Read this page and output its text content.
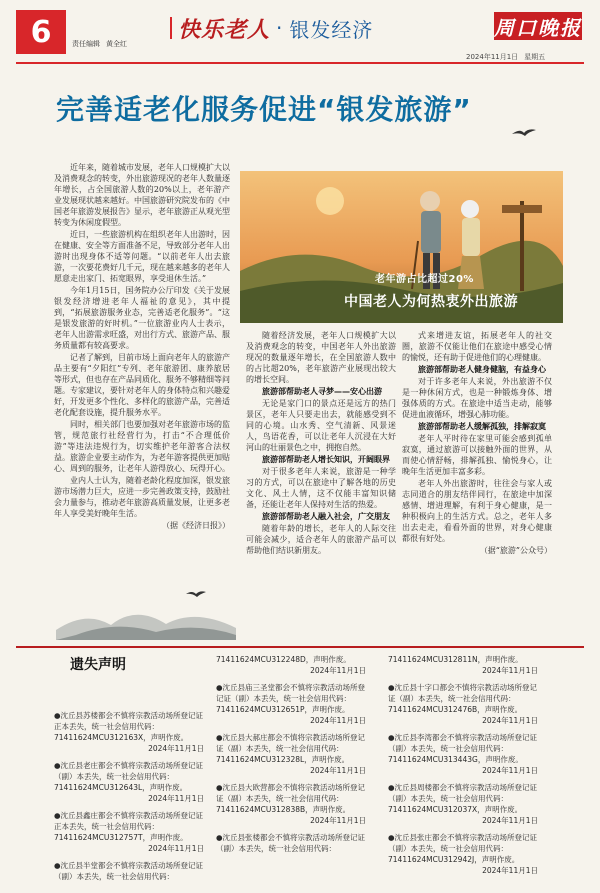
6	责任编辑 黄全红
快乐老人 · 银发经济	周口晚报
2024年11月1日 星期五
完善适老化服务促进“银发旅游”

近年来，随着城市发展，老年人口规模扩大以及消费观念的转变，外出旅游现况的老年人数量逐年增长，占全国旅游人数的20%以上，老年游产业发展现状越来越好。中国旅游研究院发布的《中国老年旅游发展报告》显示，老年旅游正从观光型转变为休闲度假型。

近日，一些旅游机构在组织老年人出游时，因在健康、安全等方面准备不足，导致部分老年人出游时出现身体不适等问题。“以前老年人出去旅游，一次要花费好几千元，现在越来越多的老年人愿意走出家门、拓宽眼界，享受退休生活。”

今年1月15日，国务院办公厅印发《关于发展银发经济增进老年人福祉的意见》，其中提到，“拓展旅游服务业态，完善适老化服务”。“这是银发旅游的好时机。”一位旅游业内人士表示，老年人出游需求旺盛，对出行方式、旅游产品、服务质量都有较高要求。

记者了解到，目前市场上面向老年人的旅游产品主要有“夕阳红”专列、老年旅游团、康养旅居等形式，但也存在产品同质化、服务不够精细等问题。专家建议，要针对老年人的身体特点和兴趣爱好，开发更多个性化、多样化的旅游产品，完善适老化配套设施，提升服务水平。

同时，相关部门也要加强对老年旅游市场的监管，规范旅行社经营行为，打击“不合理低价游”等违法违规行为，切实维护老年游客合法权益。旅游企业要主动作为，为老年游客提供更加贴心、周到的服务，让老年人游得放心、玩得开心。

业内人士认为，随着老龄化程度加深，银发旅游市场潜力巨大，应进一步完善政策支持，鼓励社会力量参与，推动老年旅游高质量发展，让更多老年人享受美好晚年生活。

（据《经济日报》）

老年游占比超过20%
中国老人为何热衷外出旅游

随着经济发展，老年人口规模扩大以及消费观念的转变，中国老年人外出旅游现况的数量逐年增长，在全国旅游人数中的占比超20%，老年旅游产业展现出较大的增长空间。

旅游部帮助老人寻梦——安心出游

无论是家门口的景点还是远方的热门景区，老年人只要走出去，就能感受到不同的心境。山水秀、空气清新、风景迷人，鸟语花香，可以让老年人沉浸在大好河山的壮丽景色之中，拥抱自然。

旅游部帮助老人增长知识，开阔眼界

对于很多老年人来说，旅游是一种学习的方式，可以在旅途中了解各地的历史文化、风土人情，这不仅能丰富知识储备，还能让老年人保持对生活的热爱。

旅游部帮助老人融入社会，广交朋友

随着年龄的增长，老年人的人际交往可能会减少，适合老年人的旅游产品可以帮助他们结识新朋友。

式来增进友谊，拓展老年人的社交圈，旅游不仅能让他们在旅途中感受心情的愉悦，还有助于促进他们的心理健康。

旅游部帮助老人健身健脑，有益身心

对于许多老年人来说，外出旅游不仅是一种休闲方式，也是一种锻炼身体、增强体质的方式。在旅途中适当走动，能够促进血液循环，增强心肺功能。

旅游部帮助老人缓解孤独，排解寂寞

老年人平时待在家里可能会感到孤单寂寞，通过旅游可以接触外面的世界，从而使心情舒畅，排解孤独、愉悦身心，让晚年生活更加丰富多彩。

老年人外出旅游时，往往会与家人或志同道合的朋友结伴同行，在旅途中加深感情、增进理解，有利于身心健康，是一种积极向上的生活方式。总之，老年人多出去走走，看看外面的世界，对身心健康都很有好处。

（据“旅游”公众号）

遗失声明
●沈丘县苏楼都会不慎将宗教活动场所登记证正本丢失，统一社会信用代码：71411624MCU312163X，声明作废。
2024年11月1日
●沈丘县老庄都会不慎将宗教活动场所登记证（副）本丢失，统一社会信用代码：71411624MCU312643L，声明作废。
2024年11月1日
●沈丘县鑫庄都会不慎将宗教活动场所登记证正本丢失，统一社会信用代码：71411624MCU312757T，声明作废。
2024年11月1日
●沈丘县半堂都会不慎将宗教活动场所登记证（副）本丢失，统一社会信用代码：
71411624MCU312248D，声明作废。
2024年11月1日
●沈丘县庙三圣堂都会不慎将宗教活动场所登记证（副）本丢失，统一社会信用代码：71411624MCU312651P，声明作废。
2024年11月1日
●沈丘县大郝庄都会不慎将宗教活动场所登记证（副）本丢失，统一社会信用代码：71411624MCU312328L，声明作废。
2024年11月1日
●沈丘县大欧营都会不慎将宗教活动场所登记证（副）本丢失，统一社会信用代码：71411624MCU312838B，声明作废。
2024年11月1日
●沈丘县张楼都会不慎将宗教活动场所登记证（副）本丢失，统一社会信用代码：
71411624MCU312811N，声明作废。
2024年11月1日
●沈丘县十字口都会不慎将宗教活动场所登记证（副）本丢失，统一社会信用代码：71411624MCU312476B，声明作废。
2024年11月1日
●沈丘县李湾都会不慎将宗教活动场所登记证（副）本丢失，统一社会信用代码：71411624MCU313443G，声明作废。
2024年11月1日
●沈丘县周楼都会不慎将宗教活动场所登记证（副）本丢失，统一社会信用代码：71411624MCU312037X，声明作废。
2024年11月1日
●沈丘县张庄都会不慎将宗教活动场所登记证（副）本丢失，统一社会信用代码：71411624MCU312942J，声明作废。
2024年11月1日
